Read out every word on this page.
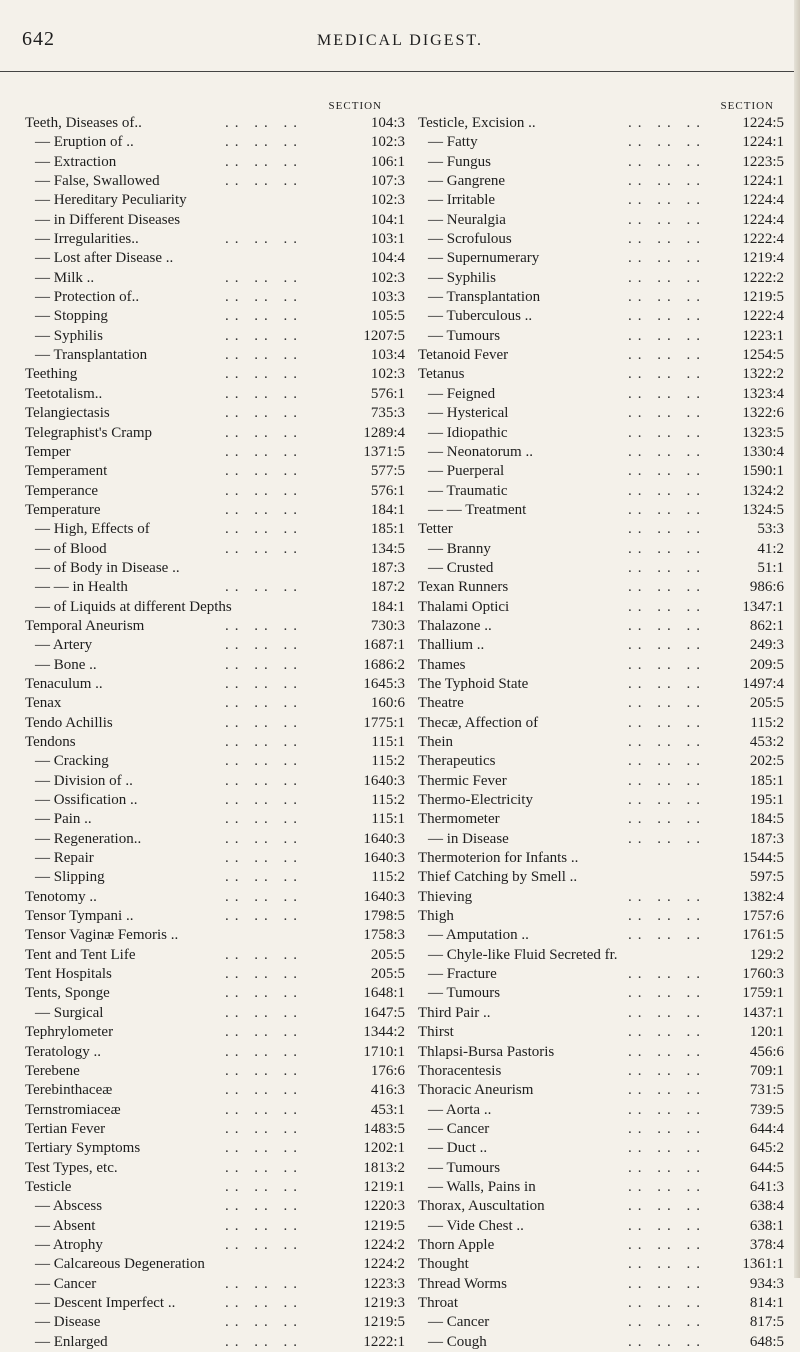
642	MEDICAL DIGEST.
SECTION
Teeth, Diseases of..	.. .. ..	104:3
— Eruption of ..	.. .. ..	102:3
— Extraction	.. .. ..	106:1
— False, Swallowed	.. .. ..	107:3
— Hereditary Peculiarity	102:3
— in Different Diseases	104:1
— Irregularities..	.. .. ..	103:1
— Lost after Disease ..	104:4
— Milk ..	.. .. ..	102:3
— Protection of..	.. .. ..	103:3
— Stopping	.. .. ..	105:5
— Syphilis	.. .. ..	1207:5
— Transplantation	.. .. ..	103:4
Teething	.. .. ..	102:3
Teetotalism..	.. .. ..	576:1
Telangiectasis	.. .. ..	735:3
Telegraphist's Cramp	.. .. ..	1289:4
Temper	.. .. ..	1371:5
Temperament	.. .. ..	577:5
Temperance	.. .. ..	576:1
Temperature	.. .. ..	184:1
— High, Effects of	.. .. ..	185:1
— of Blood	.. .. ..	134:5
— of Body in Disease ..	187:3
— — in Health	.. .. ..	187:2
— of Liquids at different Depths	184:1
Temporal Aneurism	.. .. ..	730:3
— Artery	.. .. ..	1687:1
— Bone ..	.. .. ..	1686:2
Tenaculum ..	.. .. ..	1645:3
Tenax	.. .. ..	160:6
Tendo Achillis	.. .. ..	1775:1
Tendons	.. .. ..	115:1
— Cracking	.. .. ..	115:2
— Division of ..	.. .. ..	1640:3
— Ossification ..	.. .. ..	115:2
— Pain ..	.. .. ..	115:1
— Regeneration..	.. .. ..	1640:3
— Repair	.. .. ..	1640:3
— Slipping	.. .. ..	115:2
Tenotomy ..	.. .. ..	1640:3
Tensor Tympani ..	.. .. ..	1798:5
Tensor Vaginæ Femoris ..	1758:3
Tent and Tent Life	.. .. ..	205:5
Tent Hospitals	.. .. ..	205:5
Tents, Sponge	.. .. ..	1648:1
— Surgical	.. .. ..	1647:5
Tephrylometer	.. .. ..	1344:2
Teratology ..	.. .. ..	1710:1
Terebene	.. .. ..	176:6
Terebinthaceæ	.. .. ..	416:3
Ternstromiaceæ	.. .. ..	453:1
Tertian Fever	.. .. ..	1483:5
Tertiary Symptoms	.. .. ..	1202:1
Test Types, etc.	.. .. ..	1813:2
Testicle	.. .. ..	1219:1
— Abscess	.. .. ..	1220:3
— Absent	.. .. ..	1219:5
— Atrophy	.. .. ..	1224:2
— Calcareous Degeneration	1224:2
— Cancer	.. .. ..	1223:3
— Descent Imperfect ..	.. .. ..	1219:3
— Disease	.. .. ..	1219:5
— Enlarged	.. .. ..	1222:1
SECTION
Testicle, Excision ..	.. .. .. 1224:5
— Fatty	.. .. .. 1224:1
— Fungus	.. .. .. 1223:5
— Gangrene	.. .. .. 1224:1
— Irritable	.. .. .. 1224:4
— Neuralgia	.. .. .. 1224:4
— Scrofulous	.. .. .. 1222:4
— Supernumerary	.. .. .. 1219:4
— Syphilis	.. .. .. 1222:2
— Transplantation	.. .. .. 1219:5
— Tuberculous ..	.. .. .. 1222:4
— Tumours	.. .. .. 1223:1
Tetanoid Fever	.. .. .. 1254:5
Tetanus	.. .. .. 1322:2
— Feigned	.. .. .. 1323:4
— Hysterical	.. .. .. 1322:6
— Idiopathic	.. .. .. 1323:5
— Neonatorum ..	.. .. .. 1330:4
— Puerperal	.. .. .. 1590:1
— Traumatic	.. .. .. 1324:2
— — Treatment	.. .. .. 1324:5
Tetter	.. .. ..	53:3
— Branny	.. .. ..	41:2
— Crusted	.. .. ..	51:1
Texan Runners	.. .. ..	986:6
Thalami Optici	.. .. .. 1347:1
Thalazone ..	.. .. ..	862:1
Thallium ..	.. .. ..	249:3
Thames	.. .. ..	209:5
The Typhoid State	.. .. .. 1497:4
Theatre	.. .. ..	205:5
Thecæ, Affection of	.. .. ..	115:2
Thein	.. .. ..	453:2
Therapeutics	.. .. ..	202:5
Thermic Fever	.. .. ..	185:1
Thermo-Electricity	.. .. ..	195:1
Thermometer	.. .. ..	184:5
— in Disease	.. .. ..	187:3
Thermoterion for Infants ..	1544:5
Thief Catching by Smell ..	597:5
Thieving	.. .. .. 1382:4
Thigh	.. .. .. 1757:6
— Amputation ..	.. .. .. 1761:5
— Chyle-like Fluid Secreted fr.	129:2
— Fracture	.. .. .. 1760:3
— Tumours	.. .. .. 1759:1
Third Pair ..	.. .. .. 1437:1
Thirst	.. .. ..	120:1
Thlapsi-Bursa Pastoris	.. .. ..	456:6
Thoracentesis	.. .. ..	709:1
Thoracic Aneurism	.. .. ..	731:5
— Aorta ..	.. .. ..	739:5
— Cancer	.. .. ..	644:4
— Duct ..	.. .. ..	645:2
— Tumours	.. .. ..	644:5
— Walls, Pains in	.. .. ..	641:3
Thorax, Auscultation	.. .. ..	638:4
— Vide Chest ..	.. .. ..	638:1
Thorn Apple	.. .. ..	378:4
Thought	.. .. .. 1361:1
Thread Worms	.. .. ..	934:3
Throat	.. .. ..	814:1
— Cancer	.. .. ..	817:5
— Cough	.. .. ..	648:5
